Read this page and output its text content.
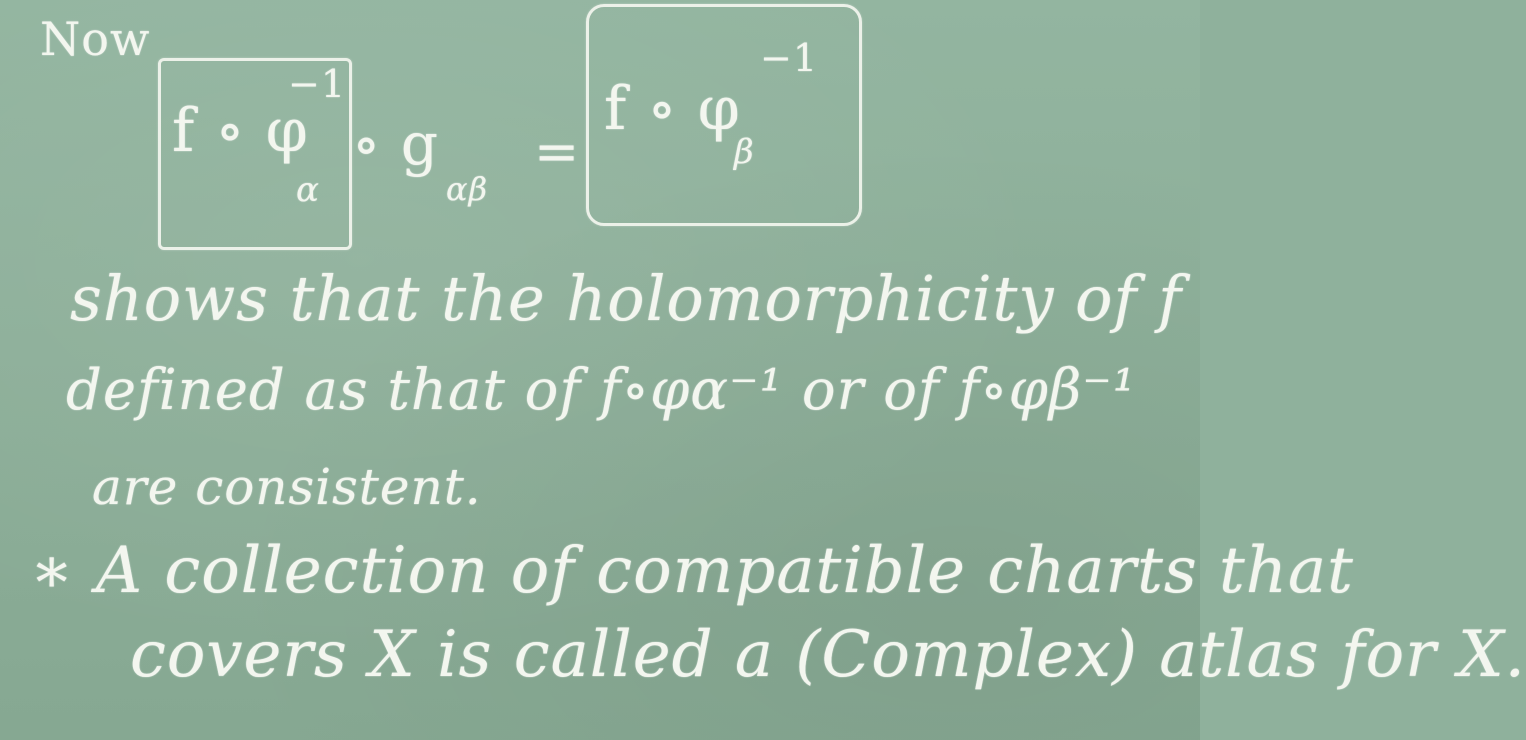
Now
f ∘ φ
−1
α
∘ g
αβ
=
f ∘ φ
−1
β
shows that the holomorphicity of f
defined as that of f∘φα⁻¹ or of f∘φβ⁻¹
are consistent.
∗ A collection of compatible charts that
covers X is called a (Complex) atlas for X.
